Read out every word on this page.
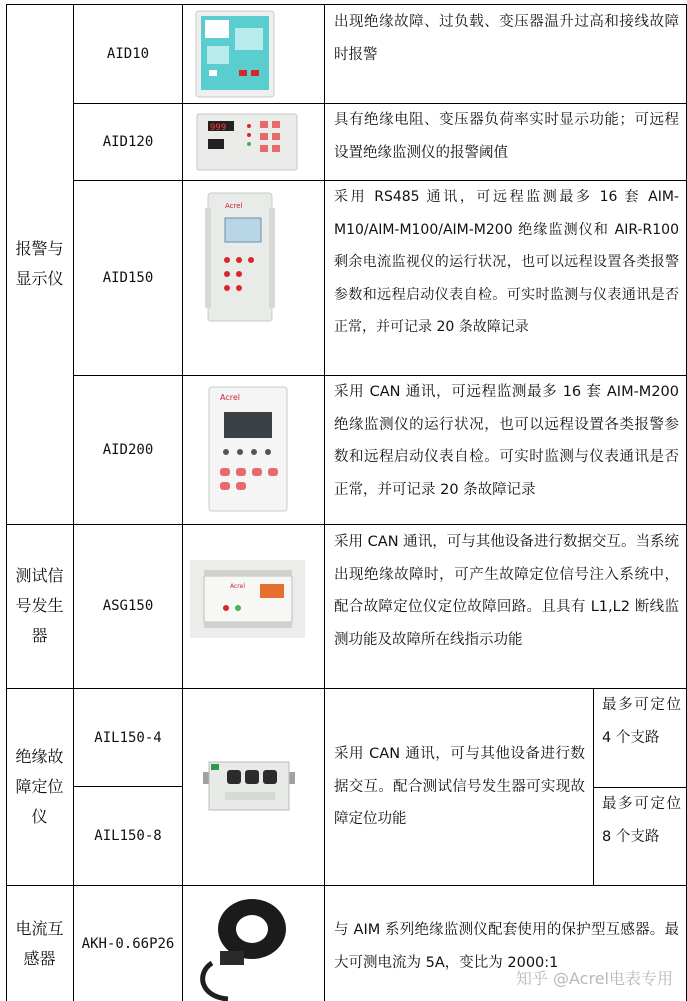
报警与
显示仪
测试信
号发生
器
绝缘故
障定位
仪
电流互
感器
AID10
AID120
AID150
AID200
ASG150
AIL150-4
AIL150-8
AKH-0.66P26
出现绝缘故障、过负载、变压器温升过高和接线故障时报警
具有绝缘电阻、变压器负荷率实时显示功能；可远程设置绝缘监测仪的报警阈值
采用 RS485 通讯，可远程监测最多 16 套 AIM-M10/AIM-M100/AIM-M200 绝缘监测仪和 AIR-R100 剩余电流监视仪的运行状况，也可以远程设置各类报警参数和远程启动仪表自检。可实时监测与仪表通讯是否正常，并可记录 20 条故障记录
采用 CAN 通讯，可远程监测最多 16 套 AIM-M200 绝缘监测仪的运行状况，也可以远程设置各类报警参数和远程启动仪表自检。可实时监测与仪表通讯是否正常，并可记录 20 条故障记录
采用 CAN 通讯，可与其他设备进行数据交互。当系统出现绝缘故障时，可产生故障定位信号注入系统中，配合故障定位仪定位故障回路。且具有 L1,L2 断线监测功能及故障所在线指示功能
采用 CAN 通讯，可与其他设备进行数据交互。配合测试信号发生器可实现故障定位功能
最多可定位 4 个支路
最多可定位 8 个支路
与 AIM 系列绝缘监测仪配套使用的保护型互感器。最大可测电流为 5A，变比为 2000:1
999
Acrel
Acrel
Acrel
知乎 @Acrel电表专用
